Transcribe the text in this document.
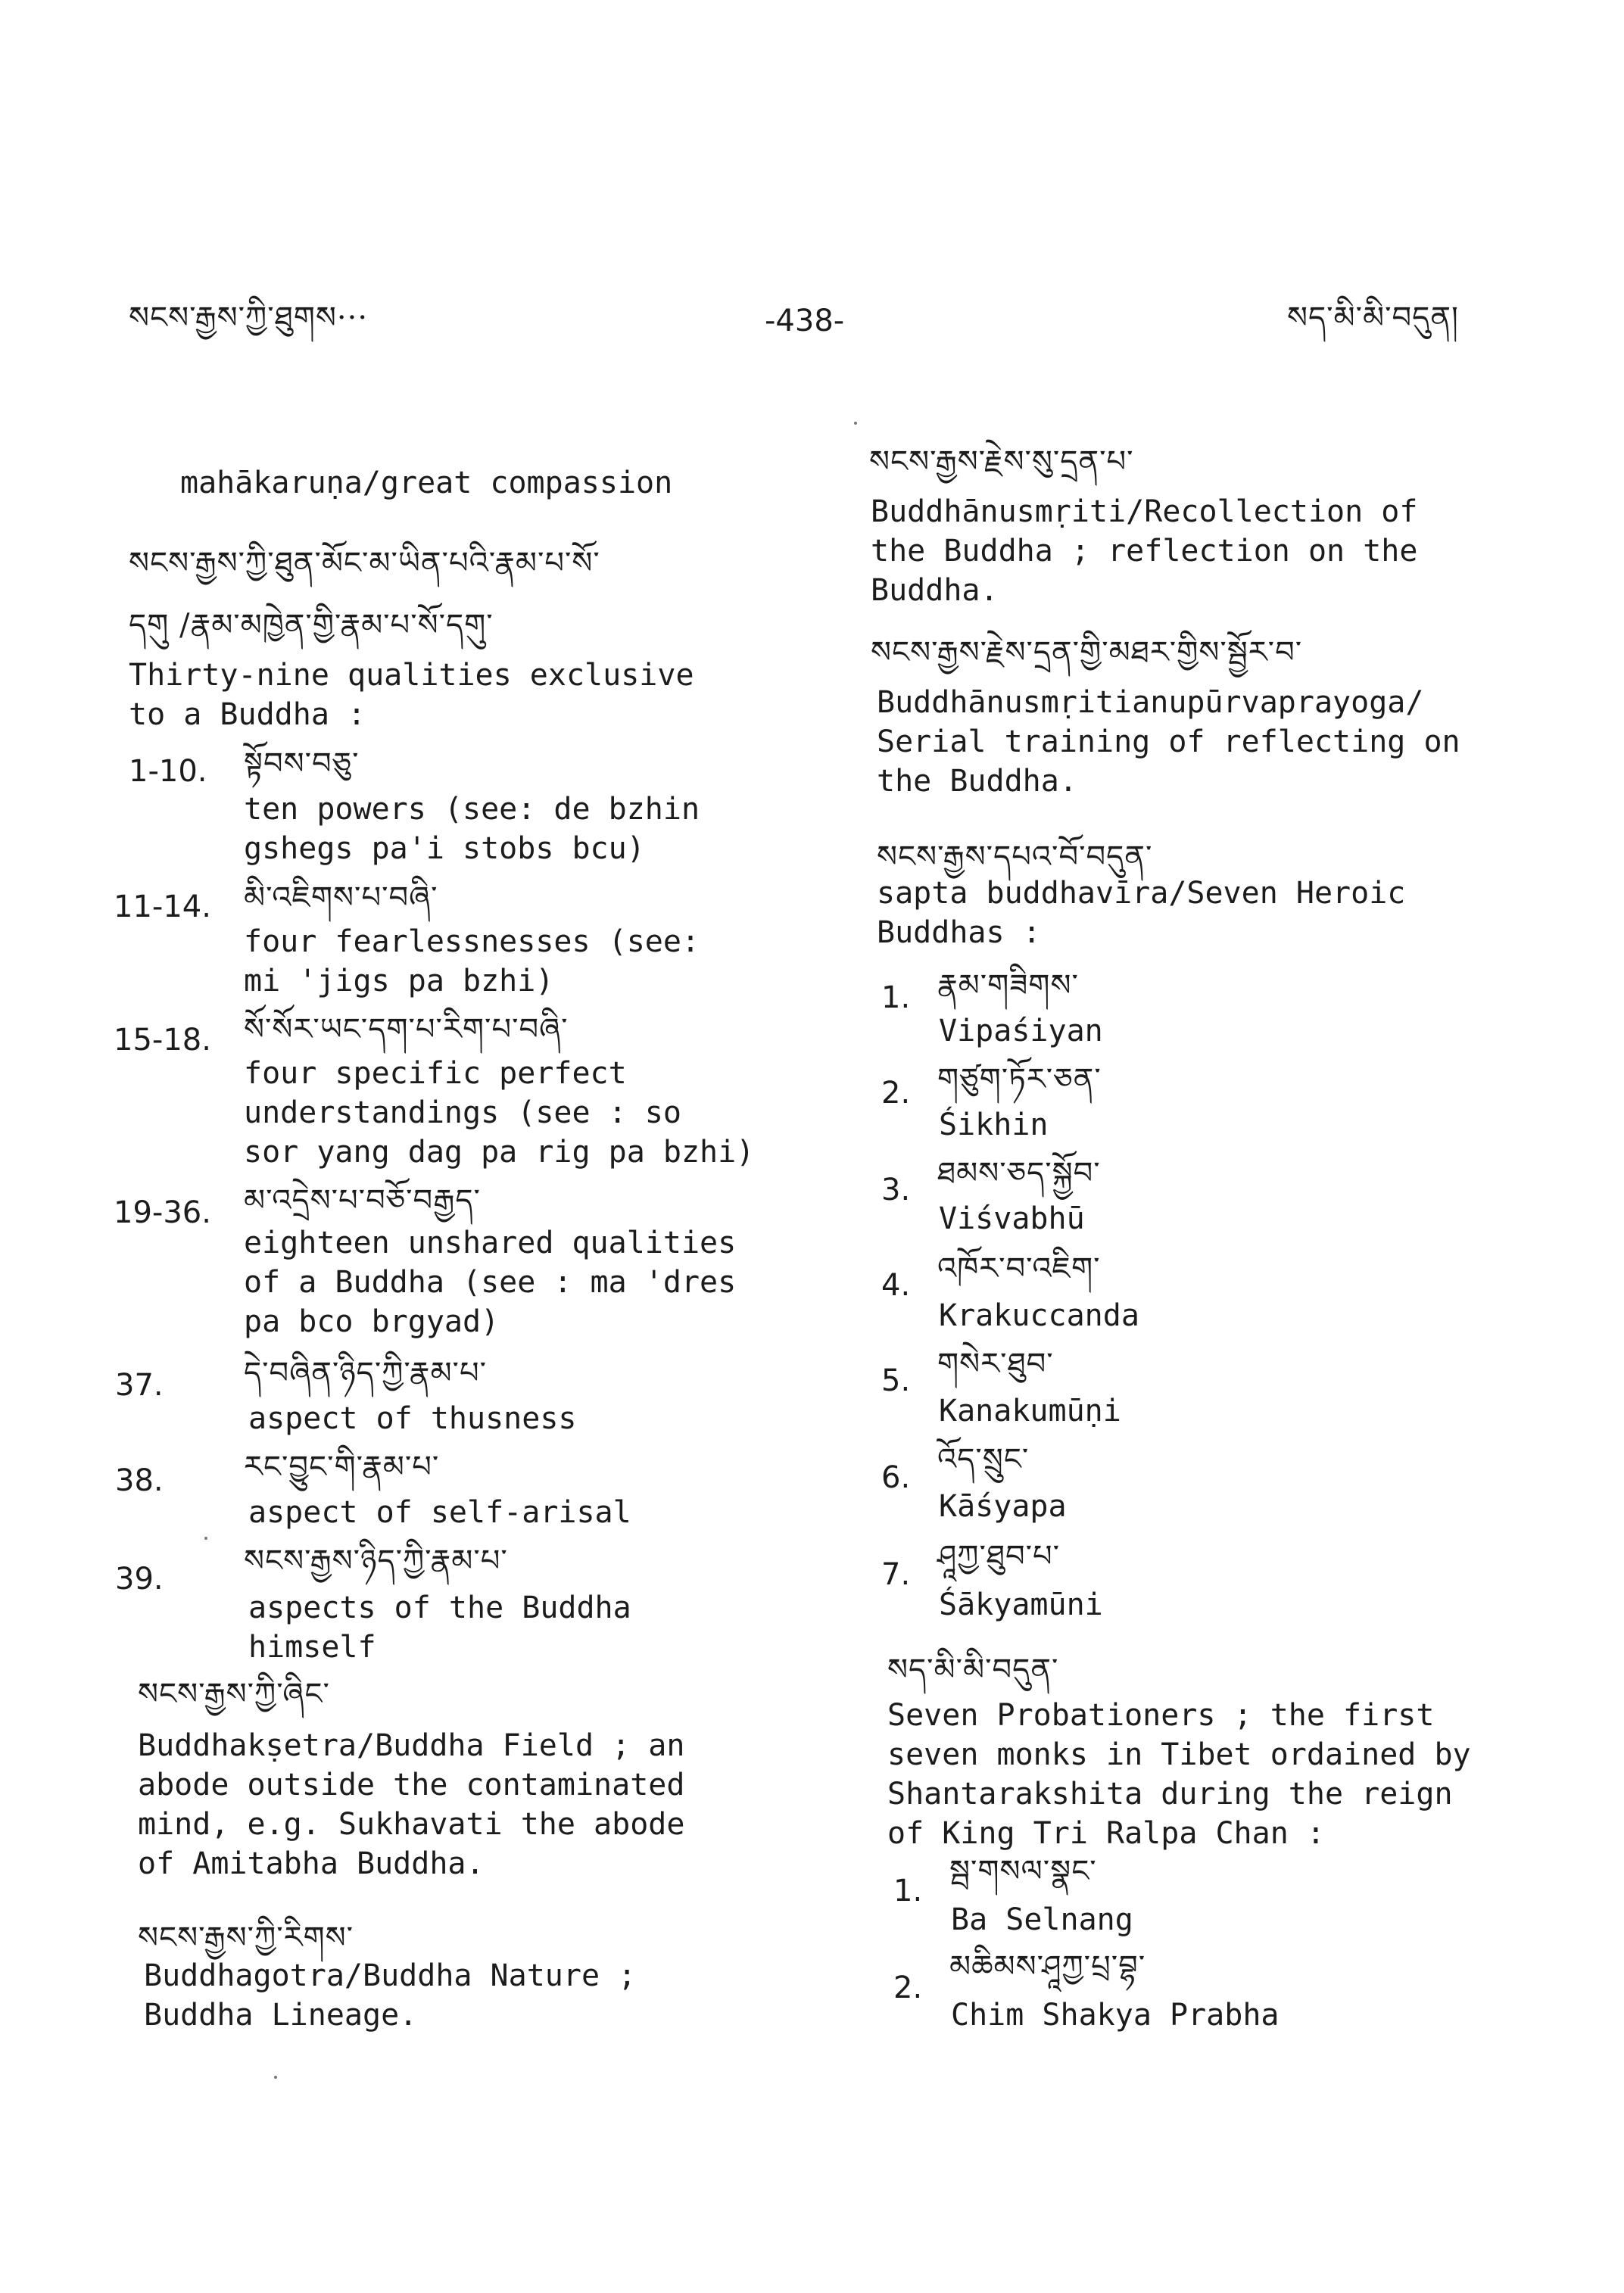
སངས་རྒྱས་ཀྱི་ཐུགས···	-438-	སད་མི་མི་བདུན།
mahākaruṇa/great compassion
སངས་རྒྱས་ཀྱི་ཐུན་མོང་མ་ཡིན་པའི་རྣམ་པ་སོ་
དགུ /རྣམ་མཁྱེན་གྱི་རྣམ་པ་སོ་དགུ་
Thirty-nine qualities exclusive
to a Buddha :
1-10. སྟོབས་བཅུ་
ten powers (see: de bzhin
gshegs pa'i stobs bcu)
11-14. མི་འཇིགས་པ་བཞི་
four fearlessnesses (see:
mi 'jigs pa bzhi)
15-18. སོ་སོར་ཡང་དག་པ་རིག་པ་བཞི་
four specific perfect
understandings (see : so
sor yang dag pa rig pa bzhi)
19-36. མ་འདྲེས་པ་བཅོ་བརྒྱད་
eighteen unshared qualities
of a Buddha (see : ma 'dres
pa bco brgyad)
37.	དེ་བཞིན་ཉིད་ཀྱི་རྣམ་པ་
aspect of thusness
38.	རང་བྱུང་གི་རྣམ་པ་
aspect of self-arisal
39.
སངས་རྒྱས་ཉིད་ཀྱི་རྣམ་པ་
aspects of the Buddha
himself
སངས་རྒྱས་ཀྱི་ཞིང་
Buddhakṣetra/Buddha Field ; an
abode outside the contaminated
mind, e.g. Sukhavati the abode
of Amitabha Buddha.
སངས་རྒྱས་ཀྱི་རིགས་
Buddhagotra/Buddha Nature ;
Buddha Lineage.
སངས་རྒྱས་རྗེས་སུ་དྲན་པ་
Buddhānusmṛiti/Recollection of
the Buddha ; reflection on the
Buddha.
སངས་རྒྱས་རྗེས་དྲན་གྱི་མཐར་གྱིས་སྦྱོར་བ་
Buddhānusmṛitianupūrvaprayoga/
Serial training of reflecting on
the Buddha.
སངས་རྒྱས་དཔའ་བོ་བདུན་
sapta buddhavīra/Seven Heroic
Buddhas :
1. རྣམ་གཟིགས་
Vipaśiyan
2. གཙུག་ཏོར་ཅན་
Śikhin
3. ཐམས་ཅད་སྐྱོབ་
Viśvabhū
4. འཁོར་བ་འཇིག་
Krakuccanda
5. གསེར་ཐུབ་
Kanakumūṇi
6.
འོད་སྲུང་
Kāśyapa
7.
ཤཱཀྱ་ཐུབ་པ་
Śākyamūni
སད་མི་མི་བདུན་
Seven Probationers ; the first
seven monks in Tibet ordained by
Shantarakshita during the reign
of King Tri Ralpa Chan :
1.
སྦ་གསལ་སྣང་
Ba Selnang
2.
མཆིམས་ཤཱཀྱ་པྲ་བྷ་
Chim Shakya Prabha
